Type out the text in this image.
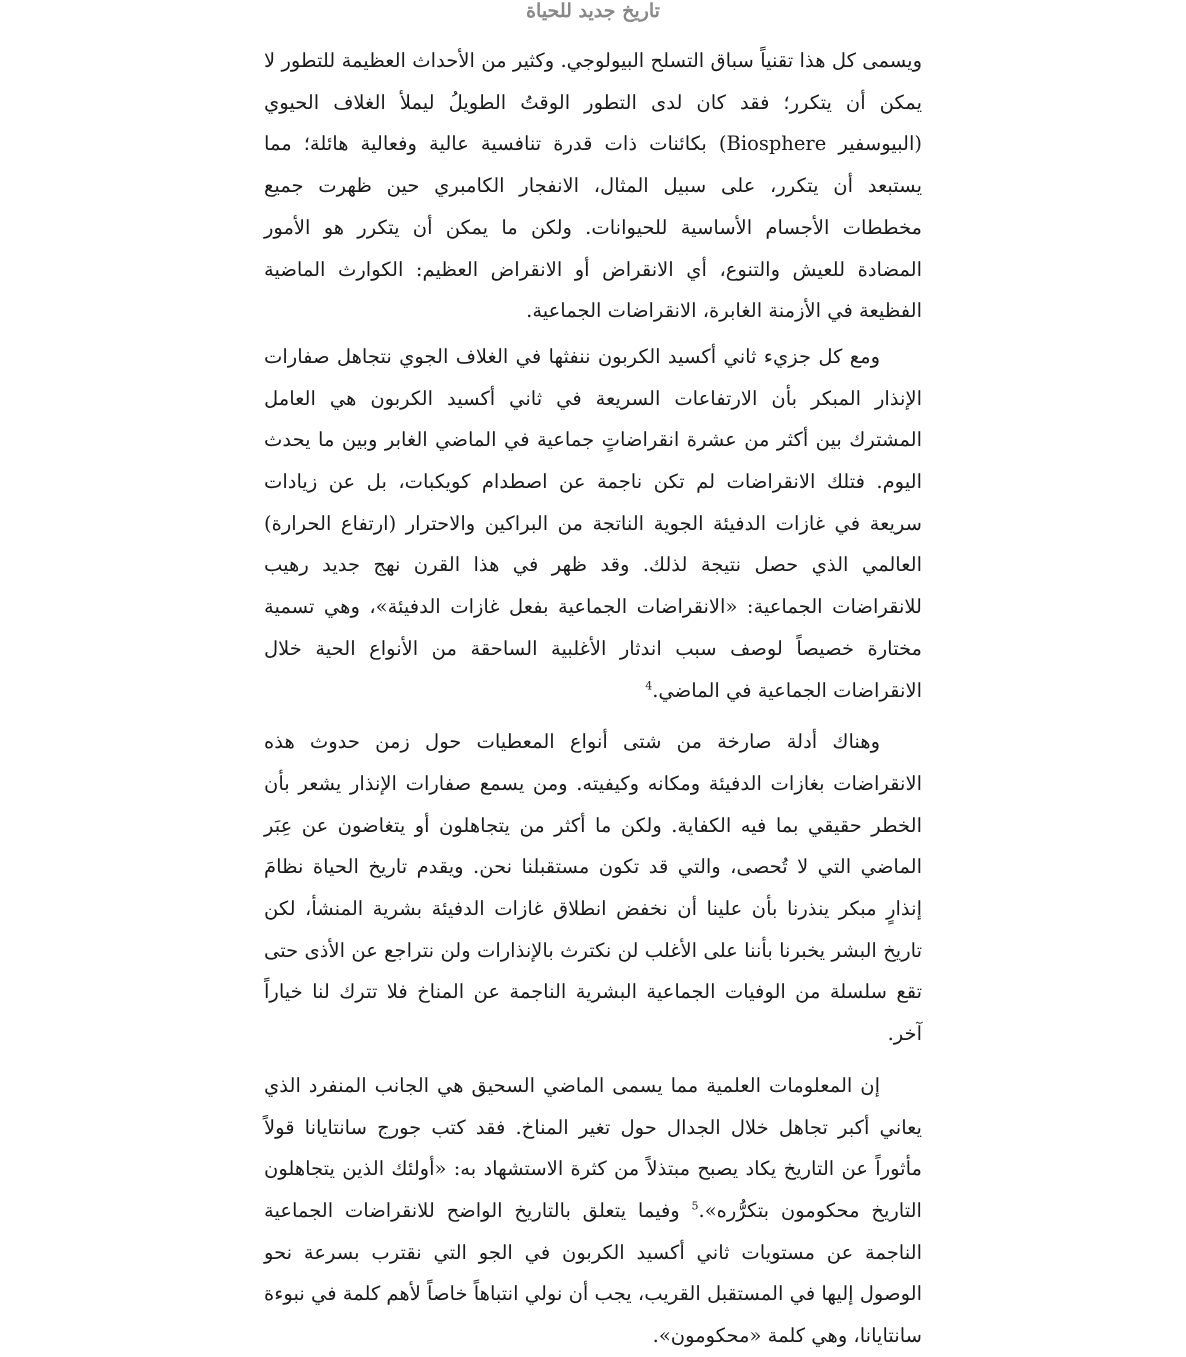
تاريخ جديد للحياة

ويسمى كل هذا تقنياً سباق التسلح البيولوجي. وكثير من الأحداث العظيمة للتطور لا يمكن أن يتكرر؛ فقد كان لدى التطور الوقتُ الطويلُ ليملأ الغلاف الحيوي (البيوسفير Biosphere) بكائنات ذات قدرة تنافسية عالية وفعالية هائلة؛ مما يستبعد أن يتكرر، على سبيل المثال، الانفجار الكامبري حين ظهرت جميع مخططات الأجسام الأساسية للحيوانات. ولكن ما يمكن أن يتكرر هو الأمور المضادة للعيش والتنوع، أي الانقراض أو الانقراض العظيم: الكوارث الماضية الفظيعة في الأزمنة الغابرة، الانقراضات الجماعية.

ومع كل جزيء ثاني أكسيد الكربون ننفثها في الغلاف الجوي نتجاهل صفارات الإنذار المبكر بأن الارتفاعات السريعة في ثاني أكسيد الكربون هي العامل المشترك بين أكثر من عشرة انقراضاتٍ جماعية في الماضي الغابر وبين ما يحدث اليوم. فتلك الانقراضات لم تكن ناجمة عن اصطدام كويكبات، بل عن زيادات سريعة في غازات الدفيئة الجوية الناتجة من البراكين والاحترار (ارتفاع الحرارة) العالمي الذي حصل نتيجة لذلك. وقد ظهر في هذا القرن نهج جديد رهيب للانقراضات الجماعية: «الانقراضات الجماعية بفعل غازات الدفيئة»، وهي تسمية مختارة خصيصاً لوصف سبب اندثار الأغلبية الساحقة من الأنواع الحية خلال الانقراضات الجماعية في الماضي.$^4$

وهناك أدلة صارخة من شتى أنواع المعطيات حول زمن حدوث هذه الانقراضات بغازات الدفيئة ومكانه وكيفيته. ومن يسمع صفارات الإنذار يشعر بأن الخطر حقيقي بما فيه الكفاية. ولكن ما أكثر من يتجاهلون أو يتغاضون عن عِبَر الماضي التي لا تُحصى، والتي قد تكون مستقبلنا نحن. ويقدم تاريخ الحياة نظامَ إنذارٍ مبكر ينذرنا بأن علينا أن نخفض انطلاق غازات الدفيئة بشرية المنشأ، لكن تاريخ البشر يخبرنا بأننا على الأغلب لن نكترث بالإنذارات ولن نتراجع عن الأذى حتى تقع سلسلة من الوفيات الجماعية البشرية الناجمة عن المناخ فلا تترك لنا خياراً آخر.

إن المعلومات العلمية مما يسمى الماضي السحيق هي الجانب المنفرد الذي يعاني أكبر تجاهل خلال الجدال حول تغير المناخ. فقد كتب جورج سانتايانا قولاً مأثوراً عن التاريخ يكاد يصبح مبتذلاً من كثرة الاستشهاد به: «أولئك الذين يتجاهلون التاريخ محكومون بتكرُّره».$^5$ وفيما يتعلق بالتاريخ الواضح للانقراضات الجماعية الناجمة عن مستويات ثاني أكسيد الكربون في الجو التي نقترب بسرعة نحو الوصول إليها في المستقبل القريب، يجب أن نولي انتباهاً خاصاً لأهم كلمة في نبوءة سانتايانا، وهي كلمة «محكومون».
